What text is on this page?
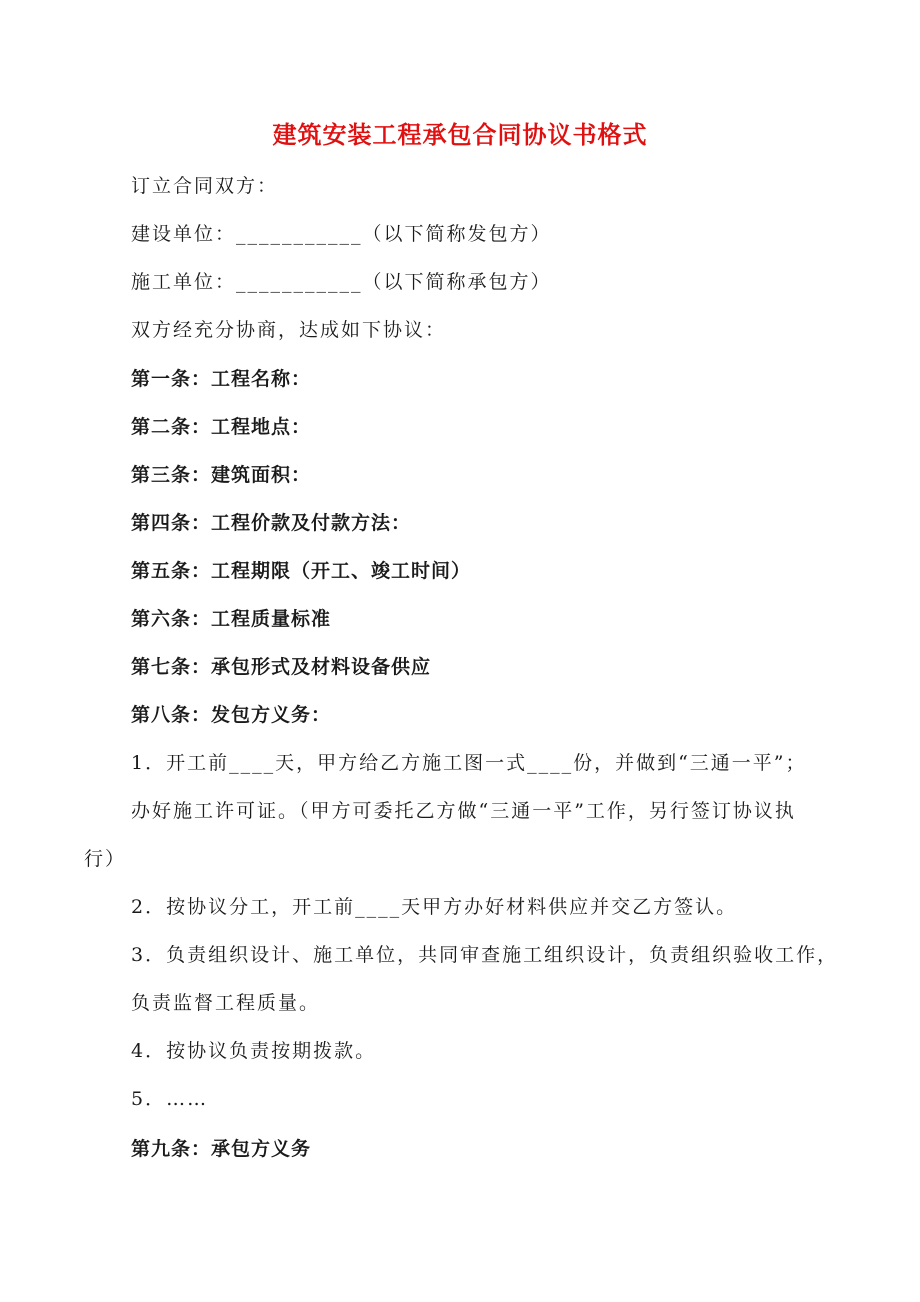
建筑安装工程承包合同协议书格式
订立合同双方：
建设单位：___________（以下简称发包方）
施工单位：___________（以下简称承包方）
双方经充分协商，达成如下协议：
第一条：工程名称：
第二条：工程地点：
第三条：建筑面积：
第四条：工程价款及付款方法：
第五条：工程期限（开工、竣工时间）
第六条：工程质量标准
第七条：承包形式及材料设备供应
第八条：发包方义务：
1．开工前____天，甲方给乙方施工图一式____份，并做到“三通一平”；
办好施工许可证。（甲方可委托乙方做“三通一平”工作，另行签订协议执
行）
2．按协议分工，开工前____天甲方办好材料供应并交乙方签认。
3．负责组织设计、施工单位，共同审查施工组织设计，负责组织验收工作，
负责监督工程质量。
4．按协议负责按期拨款。
5．……
第九条：承包方义务
